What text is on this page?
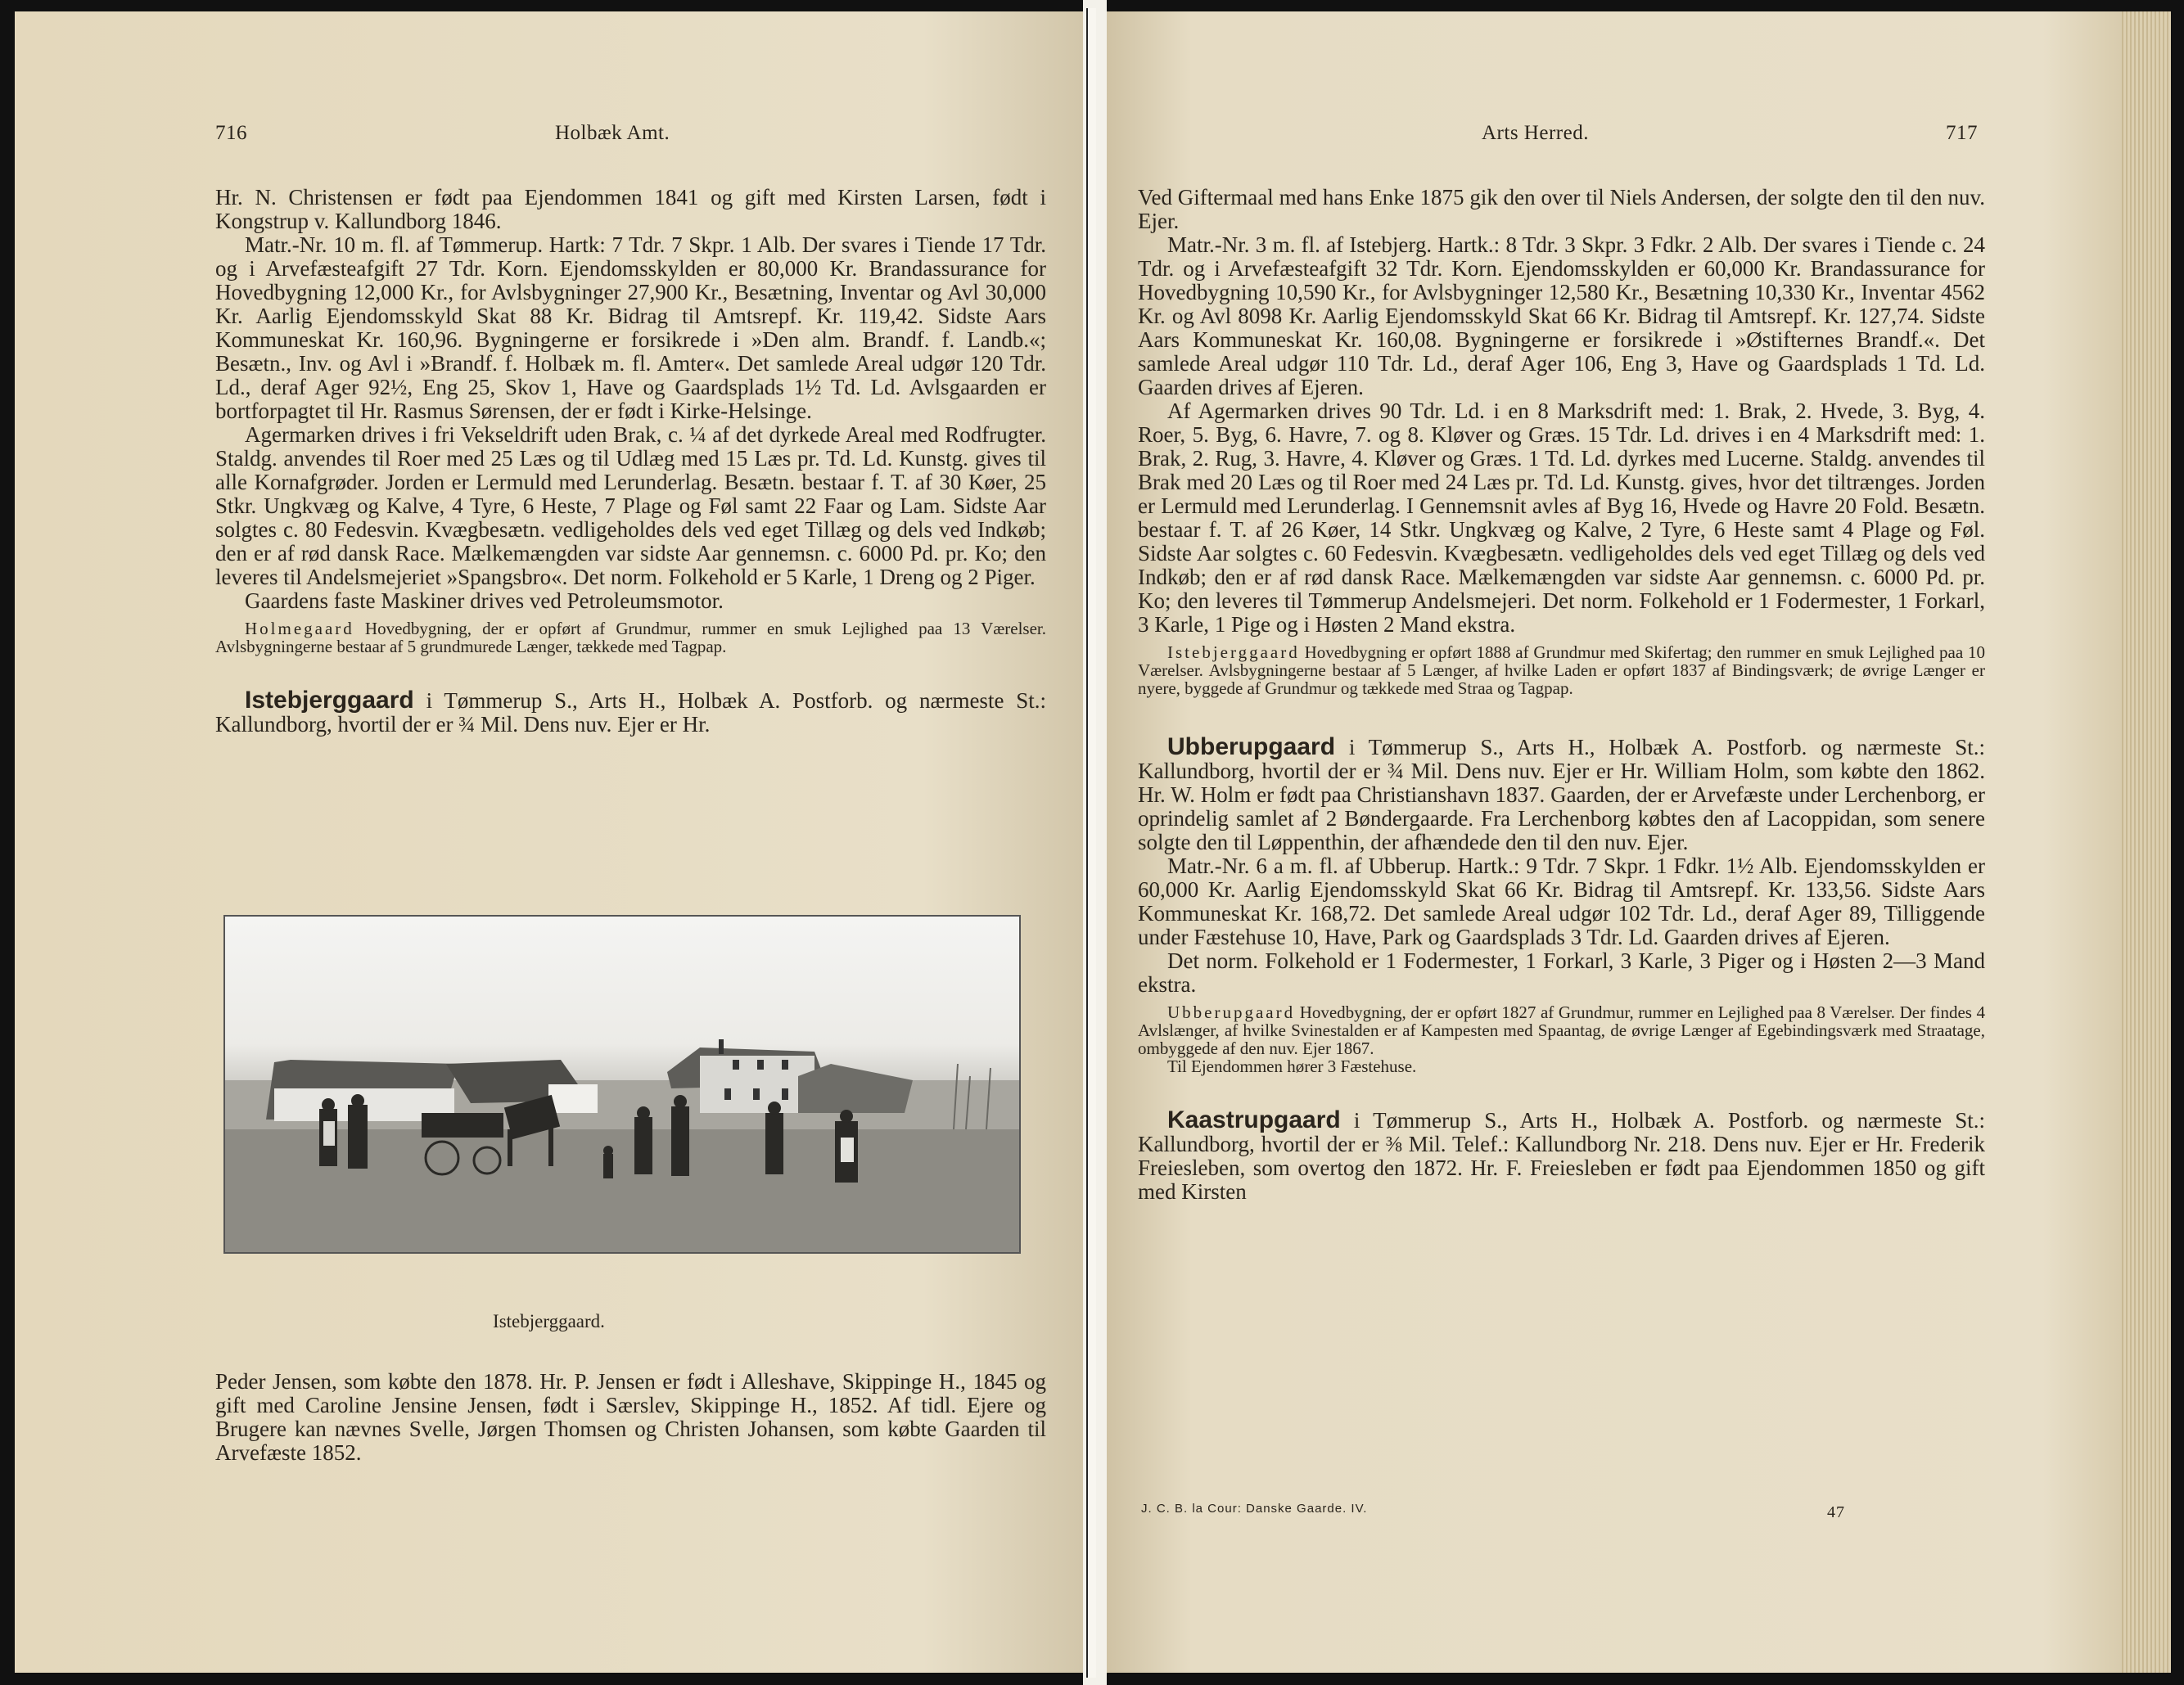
716	Holbæk Amt.

Hr. N. Christensen er født paa Ejendommen 1841 og gift med Kirsten Larsen, født i Kongstrup v. Kallundborg 1846.

Matr.-Nr. 10 m. fl. af Tømmerup. Hartk: 7 Tdr. 7 Skpr. 1 Alb. Der svares i Tiende 17 Tdr. og i Arvefæsteafgift 27 Tdr. Korn. Ejendomsskylden er 80,000 Kr. Brandassurance for Hovedbygning 12,000 Kr., for Avlsbygninger 27,900 Kr., Besætning, Inventar og Avl 30,000 Kr. Aarlig Ejendomsskyld Skat 88 Kr. Bidrag til Amtsrepf. Kr. 119,42. Sidste Aars Kommuneskat Kr. 160,96. Bygningerne er forsikrede i »Den alm. Brandf. f. Landb.«; Besætn., Inv. og Avl i »Brandf. f. Holbæk m. fl. Amter«. Det samlede Areal udgør 120 Tdr. Ld., deraf Ager 92½, Eng 25, Skov 1, Have og Gaardsplads 1½ Td. Ld. Avlsgaarden er bortforpagtet til Hr. Rasmus Sørensen, der er født i Kirke-Helsinge.

Agermarken drives i fri Vekseldrift uden Brak, c. ¼ af det dyrkede Areal med Rodfrugter. Staldg. anvendes til Roer med 25 Læs og til Udlæg med 15 Læs pr. Td. Ld. Kunstg. gives til alle Kornafgrøder. Jorden er Lermuld med Lerunderlag. Besætn. bestaar f. T. af 30 Køer, 25 Stkr. Ungkvæg og Kalve, 4 Tyre, 6 Heste, 7 Plage og Føl samt 22 Faar og Lam. Sidste Aar solgtes c. 80 Fedesvin. Kvægbesætn. vedligeholdes dels ved eget Tillæg og dels ved Indkøb; den er af rød dansk Race. Mælkemængden var sidste Aar gennemsn. c. 6000 Pd. pr. Ko; den leveres til Andelsmejeriet »Spangsbro«. Det norm. Folkehold er 5 Karle, 1 Dreng og 2 Piger.

Gaardens faste Maskiner drives ved Petroleumsmotor.

Holmegaard Hovedbygning, der er opført af Grundmur, rummer en smuk Lejlighed paa 13 Værelser. Avlsbygningerne bestaar af 5 grundmurede Længer, tækkede med Tagpap.

Istebjerggaard i Tømmerup S., Arts H., Holbæk A. Postforb. og nærmeste St.: Kallundborg, hvortil der er ¾ Mil. Dens nuv. Ejer er Hr.

Istebjerggaard.

Peder Jensen, som købte den 1878. Hr. P. Jensen er født i Alleshave, Skippinge H., 1845 og gift med Caroline Jensine Jensen, født i Særslev, Skippinge H., 1852. Af tidl. Ejere og Brugere kan nævnes Svelle, Jørgen Thomsen og Christen Johansen, som købte Gaarden til Arvefæste 1852.

Arts Herred.	717

Ved Giftermaal med hans Enke 1875 gik den over til Niels Andersen, der solgte den til den nuv. Ejer.

Matr.-Nr. 3 m. fl. af Istebjerg. Hartk.: 8 Tdr. 3 Skpr. 3 Fdkr. 2 Alb. Der svares i Tiende c. 24 Tdr. og i Arvefæsteafgift 32 Tdr. Korn. Ejendomsskylden er 60,000 Kr. Brandassurance for Hovedbygning 10,590 Kr., for Avlsbygninger 12,580 Kr., Besætning 10,330 Kr., Inventar 4562 Kr. og Avl 8098 Kr. Aarlig Ejendomsskyld Skat 66 Kr. Bidrag til Amtsrepf. Kr. 127,74. Sidste Aars Kommuneskat Kr. 160,08. Bygningerne er forsikrede i »Østifternes Brandf.«. Det samlede Areal udgør 110 Tdr. Ld., deraf Ager 106, Eng 3, Have og Gaardsplads 1 Td. Ld. Gaarden drives af Ejeren.

Af Agermarken drives 90 Tdr. Ld. i en 8 Marksdrift med: 1. Brak, 2. Hvede, 3. Byg, 4. Roer, 5. Byg, 6. Havre, 7. og 8. Kløver og Græs. 15 Tdr. Ld. drives i en 4 Marksdrift med: 1. Brak, 2. Rug, 3. Havre, 4. Kløver og Græs. 1 Td. Ld. dyrkes med Lucerne. Staldg. anvendes til Brak med 20 Læs og til Roer med 24 Læs pr. Td. Ld. Kunstg. gives, hvor det tiltrænges. Jorden er Lermuld med Lerunderlag. I Gennemsnit avles af Byg 16, Hvede og Havre 20 Fold. Besætn. bestaar f. T. af 26 Køer, 14 Stkr. Ungkvæg og Kalve, 2 Tyre, 6 Heste samt 4 Plage og Føl. Sidste Aar solgtes c. 60 Fedesvin. Kvægbesætn. vedligeholdes dels ved eget Tillæg og dels ved Indkøb; den er af rød dansk Race. Mælkemængden var sidste Aar gennemsn. c. 6000 Pd. pr. Ko; den leveres til Tømmerup Andelsmejeri. Det norm. Folkehold er 1 Fodermester, 1 Forkarl, 3 Karle, 1 Pige og i Høsten 2 Mand ekstra.

Istebjerggaard Hovedbygning er opført 1888 af Grundmur med Skifertag; den rummer en smuk Lejlighed paa 10 Værelser. Avlsbygningerne bestaar af 5 Længer, af hvilke Laden er opført 1837 af Bindingsværk; de øvrige Længer er nyere, byggede af Grundmur og tækkede med Straa og Tagpap.

Ubberupgaard i Tømmerup S., Arts H., Holbæk A. Postforb. og nærmeste St.: Kallundborg, hvortil der er ¾ Mil. Dens nuv. Ejer er Hr. William Holm, som købte den 1862. Hr. W. Holm er født paa Christianshavn 1837. Gaarden, der er Arvefæste under Lerchenborg, er oprindelig samlet af 2 Bøndergaarde. Fra Lerchenborg købtes den af Lacoppidan, som senere solgte den til Løppenthin, der afhændede den til den nuv. Ejer.

Matr.-Nr. 6 a m. fl. af Ubberup. Hartk.: 9 Tdr. 7 Skpr. 1 Fdkr. 1½ Alb. Ejendomsskylden er 60,000 Kr. Aarlig Ejendomsskyld Skat 66 Kr. Bidrag til Amtsrepf. Kr. 133,56. Sidste Aars Kommuneskat Kr. 168,72. Det samlede Areal udgør 102 Tdr. Ld., deraf Ager 89, Tilliggende under Fæstehuse 10, Have, Park og Gaardsplads 3 Tdr. Ld. Gaarden drives af Ejeren.

Det norm. Folkehold er 1 Fodermester, 1 Forkarl, 3 Karle, 3 Piger og i Høsten 2—3 Mand ekstra.

Ubberupgaard Hovedbygning, der er opført 1827 af Grundmur, rummer en Lejlighed paa 8 Værelser. Der findes 4 Avlslænger, af hvilke Svinestalden er af Kampesten med Spaantag, de øvrige Længer af Egebindingsværk med Straatage, ombyggede af den nuv. Ejer 1867.

Til Ejendommen hører 3 Fæstehuse.

Kaastrupgaard i Tømmerup S., Arts H., Holbæk A. Postforb. og nærmeste St.: Kallundborg, hvortil der er ⅜ Mil. Telef.: Kallundborg Nr. 218. Dens nuv. Ejer er Hr. Frederik Freiesleben, som overtog den 1872. Hr. F. Freiesleben er født paa Ejendommen 1850 og gift med Kirsten

J. C. B. la Cour: Danske Gaarde. IV.	47
